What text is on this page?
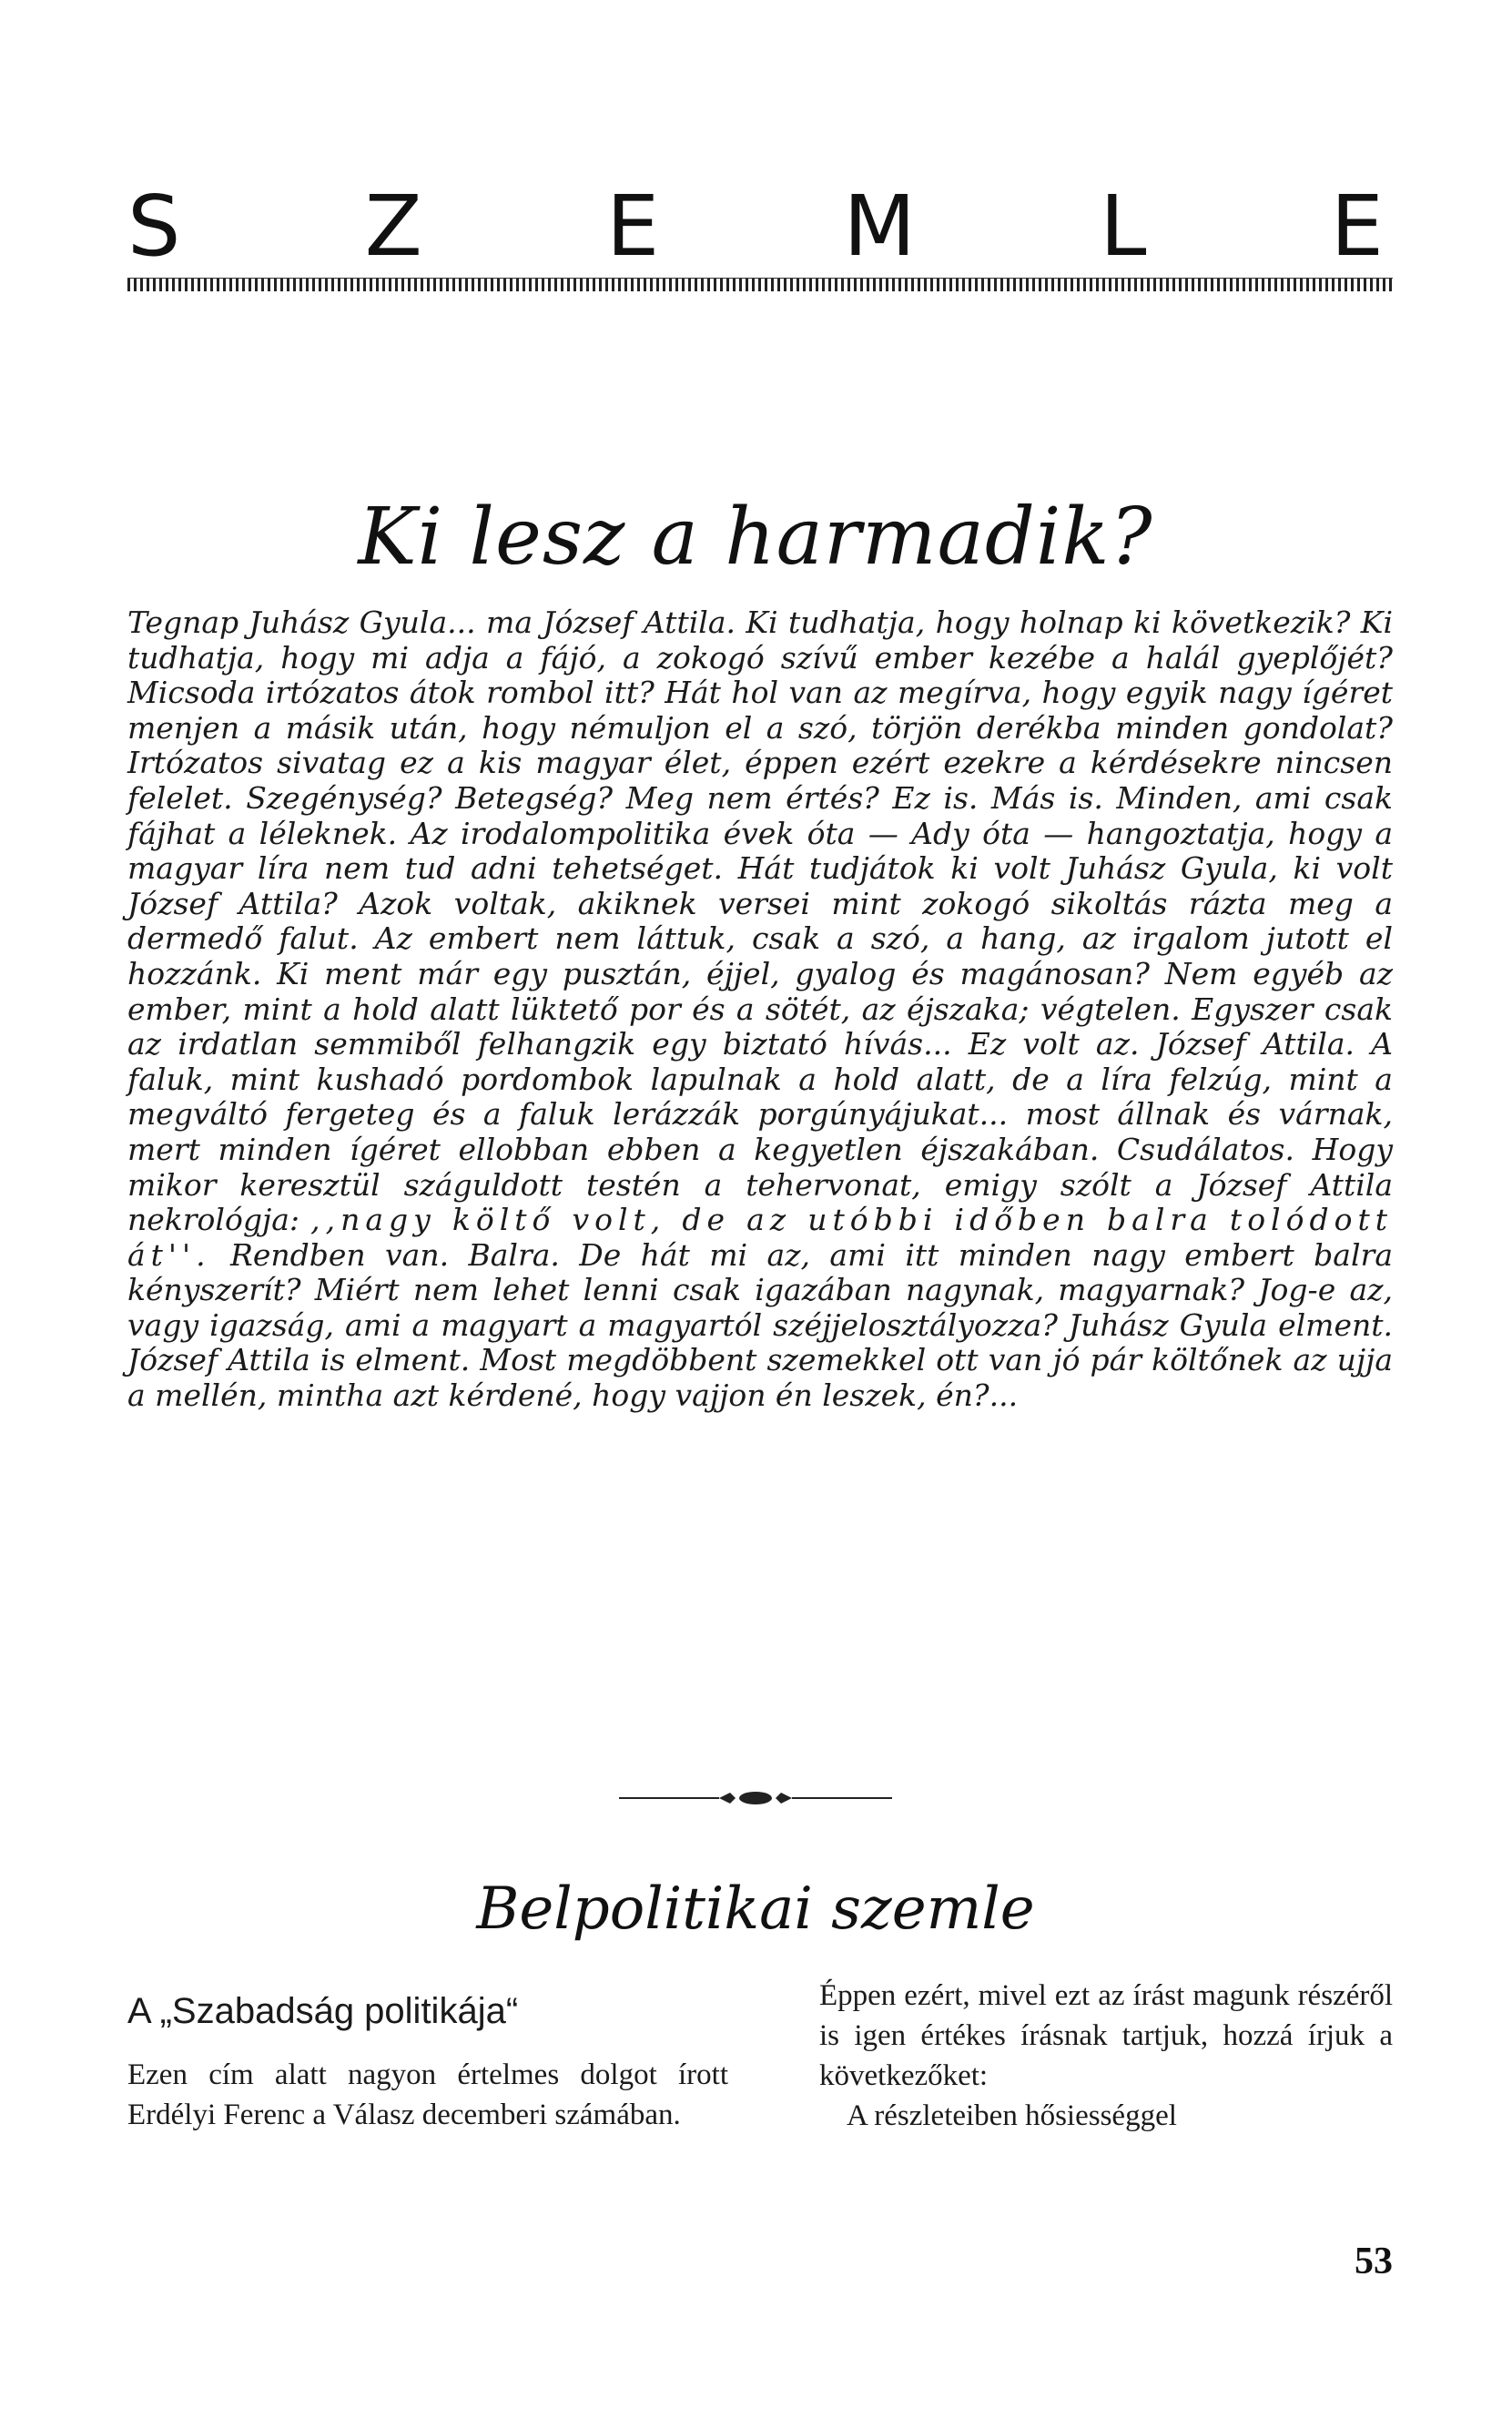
S Z E M L E
Ki lesz a harmadik?

Tegnap Juhász Gyula... ma József Attila. Ki tudhatja, hogy holnap ki következik? Ki tudhatja, hogy mi adja a fájó, a zokogó szívű ember kezébe a halál gyeplőjét? Micsoda irtózatos átok rombol itt? Hát hol van az megírva, hogy egyik nagy ígéret menjen a másik után, hogy némuljon el a szó, törjön derékba minden gondolat? Irtózatos sivatag ez a kis magyar élet, éppen ezért ezekre a kérdésekre nincsen felelet. Szegénység? Betegség? Meg nem értés? Ez is. Más is. Minden, ami csak fájhat a léleknek. Az irodalompolitika évek óta — Ady óta — hangoztatja, hogy a magyar líra nem tud adni tehetséget. Hát tudjátok ki volt Juhász Gyula, ki volt József Attila? Azok voltak, akiknek versei mint zokogó sikoltás rázta meg a dermedő falut. Az embert nem láttuk, csak a szó, a hang, az irgalom jutott el hozzánk. Ki ment már egy pusztán, éjjel, gyalog és magánosan? Nem egyéb az ember, mint a hold alatt lüktető por és a sötét, az éjszaka; végtelen. Egyszer csak az irdatlan semmiből felhangzik egy biztató hívás... Ez volt az. József Attila. A faluk, mint kushadó pordombok lapulnak a hold alatt, de a líra felzúg, mint a megváltó fergeteg és a faluk lerázzák porgúnyájukat... most állnak és várnak, mert minden ígéret ellobban ebben a kegyetlen éjszakában. Csudálatos. Hogy mikor keresztül száguldott testén a tehervonat, emigy szólt a József Attila nekrológja: ,,nagy költő volt, de az utóbbi időben balra tolódott át''. Rendben van. Balra. De hát mi az, ami itt minden nagy embert balra kényszerít? Miért nem lehet lenni csak igazában nagynak, magyarnak? Jog-e az, vagy igazság, ami a magyart a magyartól széjjelosztályozza? Juhász Gyula elment. József Attila is elment. Most megdöbbent szemekkel ott van jó pár költőnek az ujja a mellén, mintha azt kérdené, hogy vajjon én leszek, én?...

Belpolitikai szemle
A „Szabadság politikája“

Ezen cím alatt nagyon értelmes dolgot írott Erdélyi Ferenc a Válasz decemberi számában.

Éppen ezért, mivel ezt az írást magunk részéről is igen értékes írásnak tartjuk, hozzá írjuk a következőket:

A részleteiben hősiességgel

53
